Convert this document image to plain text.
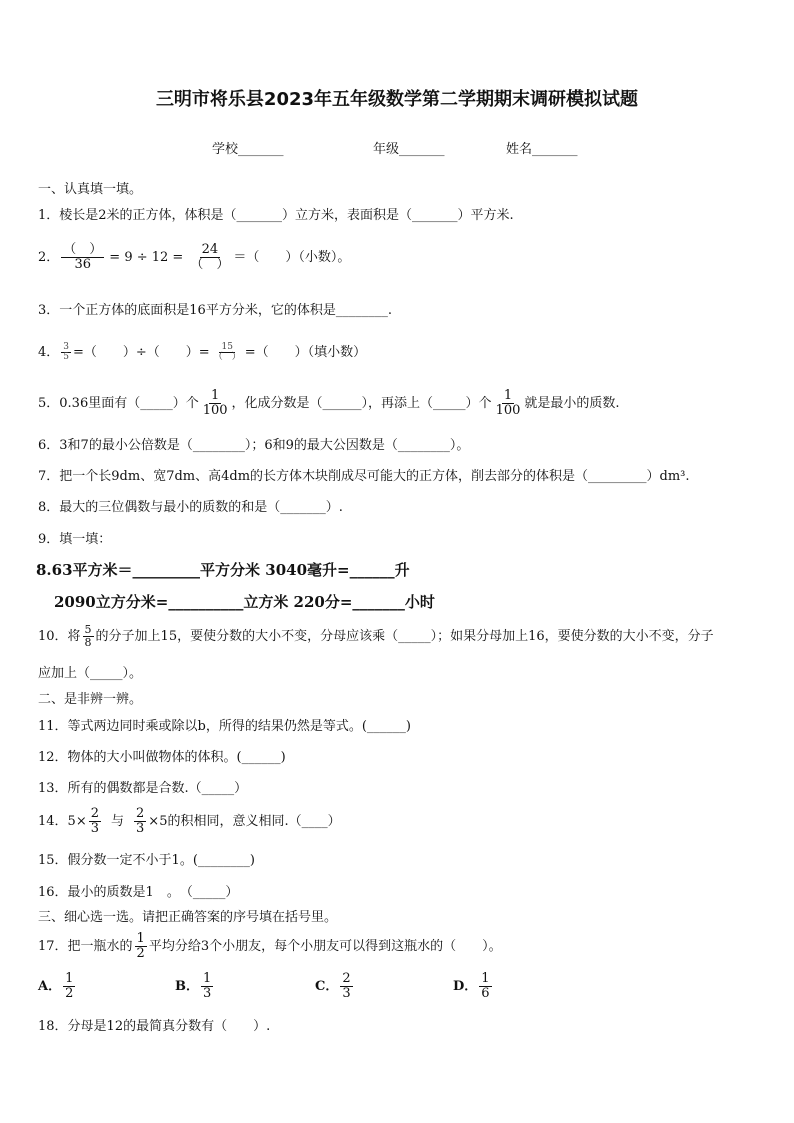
三明市将乐县2023年五年级数学第二学期期末调研模拟试题
学校_______	年级_______	姓名_______
一、认真填一填。
1．棱长是2米的正方体，体积是（_______）立方米，表面积是（_______）平方米.
2． $\frac{( )}{36} = 9 \div 12 = \frac{24}{( )}$ ＝（　　）（小数）。
3．一个正方体的底面积是16平方分米，它的体积是________.
4． $\frac{3}{5}$ =（　　）÷（　　）= $\frac{15}{( )}$ =（　　）（填小数）
5．0.36里面有（_____）个 $\frac{1}{100}$ ，化成分数是（______），再添上（_____）个 $\frac{1}{100}$ 就是最小的质数.
6．3和7的最小公倍数是（________）；6和9的最大公因数是（________）。
7．把一个长9dm、宽7dm、高4dm的长方体木块削成尽可能大的正方体，削去部分的体积是（_________）dm³.
8．最大的三位偶数与最小的质数的和是（_______）.
9．填一填：
8.63平方米＝_________平方分米 3040毫升=______升
2090立方分米=__________立方米 220分=_______小时
10．将 $\frac{5}{8}$ 的分子加上15，要使分数的大小不变，分母应该乘（_____）；如果分母加上16，要使分数的大小不变，分子
应加上（_____）。
二、是非辨一辨。
11．等式两边同时乘或除以b，所得的结果仍然是等式。(______)
12．物体的大小叫做物体的体积。(______)
13．所有的偶数都是合数.（_____）
14．$5\times \frac{2}{3}$ 与 $\frac{2}{3} \times 5$的积相同，意义相同.（____）
15．假分数一定不小于1。(________)
16．最小的质数是1　。　（_____）
三、细心选一选。请把正确答案的序号填在括号里。
17．把一瓶水的 $\frac{1}{2}$ 平均分给3个小朋友，每个小朋友可以得到这瓶水的（　　）。
A． $\frac{1}{2}$	B． $\frac{1}{3}$	C． $\frac{2}{3}$	D． $\frac{1}{6}$
18．分母是12的最简真分数有（　　）.
